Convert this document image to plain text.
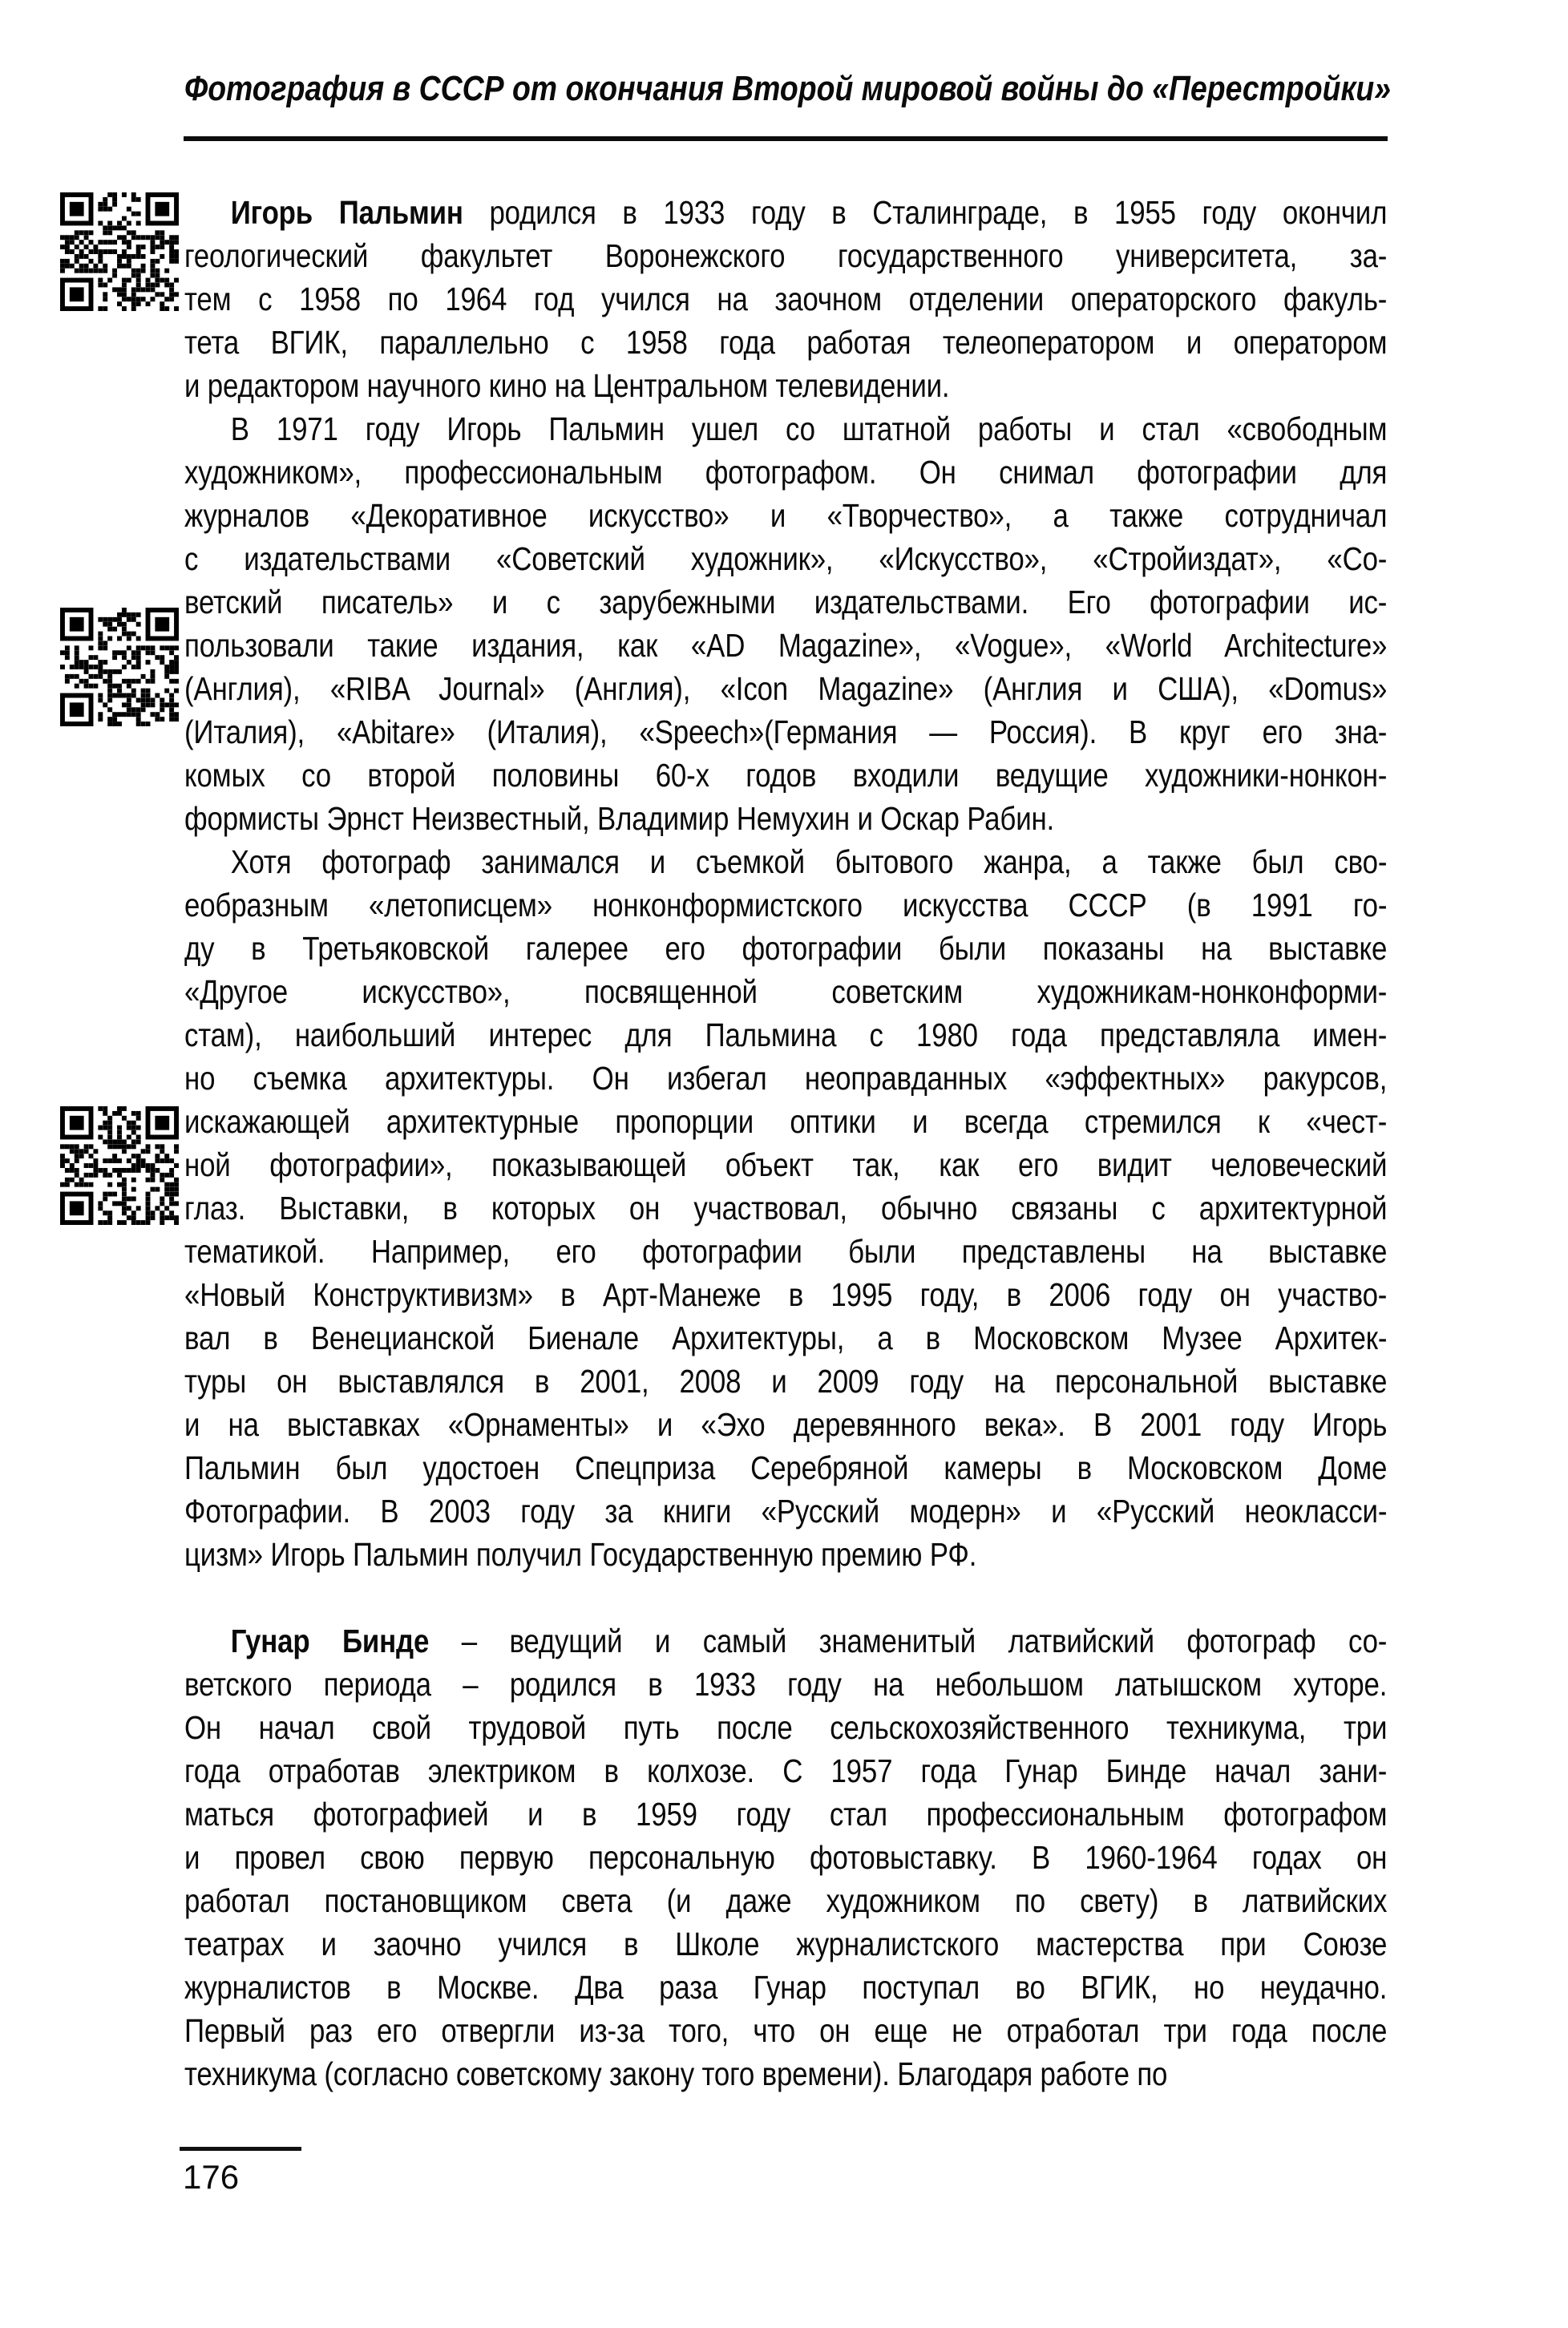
Фотография в СССР от окончания Второй мировой войны до «Перестройки»
Игорь Пальмин родился в 1933 году в Сталинграде, в 1955 году окончил
геологический факультет Воронежского государственного университета, за-
тем с 1958 по 1964 год учился на заочном отделении операторского факуль-
тета ВГИК, параллельно с 1958 года работая телеоператором и оператором
и редактором научного кино на Центральном телевидении.
В 1971 году Игорь Пальмин ушел со штатной работы и стал «свободным
художником», профессиональным фотографом. Он снимал фотографии для
журналов «Декоративное искусство» и «Творчество», а также сотрудничал
с издательствами «Советский художник», «Искусство», «Стройиздат», «Со-
ветский писатель» и с зарубежными издательствами. Его фотографии ис-
пользовали такие издания, как «AD Magazine», «Vogue», «World Architecture»
(Англия), «RIBA Journal» (Англия), «Icon Magazine» (Англия и США), «Domus»
(Италия), «Abitare» (Италия), «Speech»(Германия — Россия). В круг его зна-
комых со второй половины 60-х годов входили ведущие художники-нонкон-
формисты Эрнст Неизвестный, Владимир Немухин и Оскар Рабин.
Хотя фотограф занимался и съемкой бытового жанра, а также был сво-
еобразным «летописцем» нонконформистского искусства СССР (в 1991 го-
ду в Третьяковской галерее его фотографии были показаны на выставке
«Другое искусство», посвященной советским художникам-нонконформи-
стам), наибольший интерес для Пальмина с 1980 года представляла имен-
но съемка архитектуры. Он избегал неоправданных «эффектных» ракурсов,
искажающей архитектурные пропорции оптики и всегда стремился к «чест-
ной фотографии», показывающей объект так, как его видит человеческий
глаз. Выставки, в которых он участвовал, обычно связаны с архитектурной
тематикой. Например, его фотографии были представлены на выставке
«Новый Конструктивизм» в Арт-Манеже в 1995 году, в 2006 году он участво-
вал в Венецианской Биенале Архитектуры, а в Московском Музее Архитек-
туры он выставлялся в 2001, 2008 и 2009 году на персональной выставке
и на выставках «Орнаменты» и «Эхо деревянного века». В 2001 году Игорь
Пальмин был удостоен Спецприза Серебряной камеры в Московском Доме
Фотографии. В 2003 году за книги «Русский модерн» и «Русский неокласси-
цизм» Игорь Пальмин получил Государственную премию РФ.
Гунар Бинде – ведущий и самый знаменитый латвийский фотограф со-
ветского периода – родился в 1933 году на небольшом латышском хуторе.
Он начал свой трудовой путь после сельскохозяйственного техникума, три
года отработав электриком в колхозе. С 1957 года Гунар Бинде начал зани-
маться фотографией и в 1959 году стал профессиональным фотографом
и провел свою первую персональную фотовыставку. В 1960-1964 годах он
работал постановщиком света (и даже художником по свету) в латвийских
театрах и заочно учился в Школе журналистского мастерства при Союзе
журналистов в Москве. Два раза Гунар поступал во ВГИК, но неудачно.
Первый раз его отвергли из-за того, что он еще не отработал три года после
техникума (согласно советскому закону того времени). Благодаря работе по
176
